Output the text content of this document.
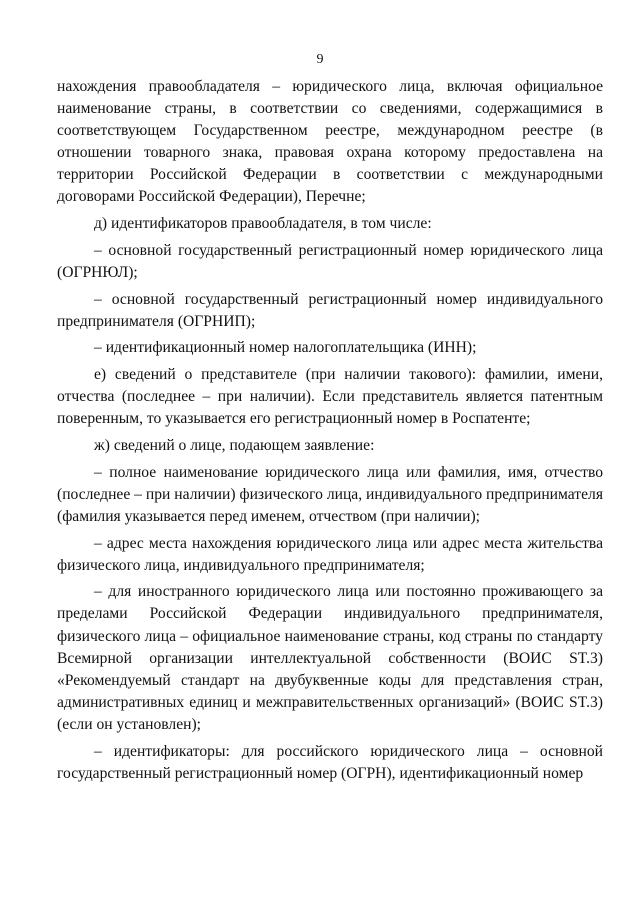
9

нахождения правообладателя – юридического лица, включая официальное наименование страны, в соответствии со сведениями, содержащимися в соответствующем Государственном реестре, международном реестре (в отношении товарного знака, правовая охрана которому предоставлена на территории Российской Федерации в соответствии с международными договорами Российской Федерации), Перечне;

д) идентификаторов правообладателя, в том числе:

– основной государственный регистрационный номер юридического лица (ОГРНЮЛ);

– основной государственный регистрационный номер индивидуального предпринимателя (ОГРНИП);

– идентификационный номер налогоплательщика (ИНН);

е) сведений о представителе (при наличии такового): фамилии, имени, отчества (последнее – при наличии). Если представитель является патентным поверенным, то указывается его регистрационный номер в Роспатенте;

ж) сведений о лице, подающем заявление:

– полное наименование юридического лица или фамилия, имя, отчество (последнее – при наличии) физического лица, индивидуального предпринимателя (фамилия указывается перед именем, отчеством (при наличии);

– адрес места нахождения юридического лица или адрес места жительства физического лица, индивидуального предпринимателя;

– для иностранного юридического лица или постоянно проживающего за пределами Российской Федерации индивидуального предпринимателя, физического лица – официальное наименование страны, код страны по стандарту Всемирной организации интеллектуальной собственности (ВОИС ST.3) «Рекомендуемый стандарт на двубуквенные коды для представления стран, административных единиц и межправительственных организаций» (ВОИС ST.3) (если он установлен);

– идентификаторы: для российского юридического лица – основной государственный регистрационный номер (ОГРН), идентификационный номер
